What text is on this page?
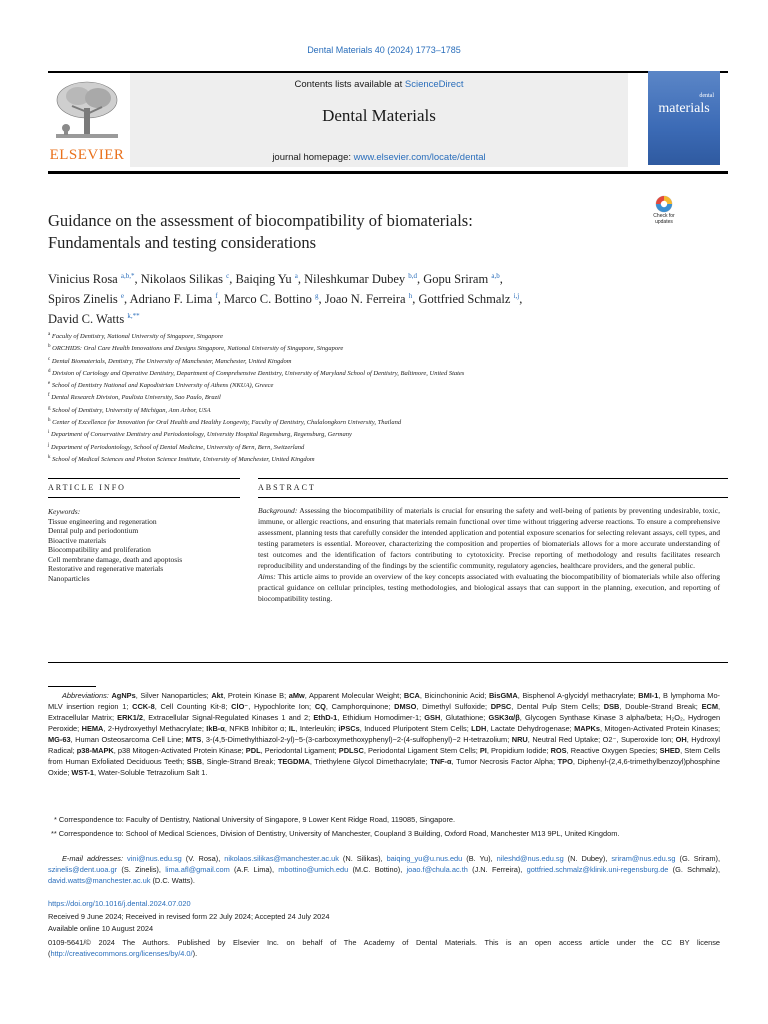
Dental Materials 40 (2024) 1773–1785
ELSEVIER
Contents lists available at ScienceDirect
Dental Materials
journal homepage: www.elsevier.com/locate/dental
dental
materials
Check for
updates
Guidance on the assessment of biocompatibility of biomaterials:
Fundamentals and testing considerations
Vinicius Rosa $^{a,b,*}$, Nikolaos Silikas $^c$, Baiqing Yu $^a$, Nileshkumar Dubey $^{b,d}$, Gopu Sriram $^{a,b}$,
Spiros Zinelis $^e$, Adriano F. Lima $^f$, Marco C. Bottino $^g$, Joao N. Ferreira $^h$, Gottfried Schmalz $^{i,j}$,
David C. Watts $^{k,**}$
$^a$ Faculty of Dentistry, National University of Singapore, Singapore
$^b$ ORCHIDS: Oral Care Health Innovations and Designs Singapore, National University of Singapore, Singapore
$^c$ Dental Biomaterials, Dentistry, The University of Manchester, Manchester, United Kingdom
$^d$ Division of Cariology and Operative Dentistry, Department of Comprehensive Dentistry, University of Maryland School of Dentistry, Baltimore, United States
$^e$ School of Dentistry National and Kapodistrian University of Athens (NKUA), Greece
$^f$ Dental Research Division, Paulista University, Sao Paulo, Brazil
$^g$ School of Dentistry, University of Michigan, Ann Arbor, USA
$^h$ Center of Excellence for Innovation for Oral Health and Healthy Longevity, Faculty of Dentistry, Chulalongkorn University, Thailand
$^i$ Department of Conservative Dentistry and Periodontology, University Hospital Regensburg, Regensburg, Germany
$^j$ Department of Periodontology, School of Dental Medicine, University of Bern, Bern, Switzerland
$^k$ School of Medical Sciences and Photon Science Institute, University of Manchester, United Kingdom
ARTICLE INFO	ABSTRACT
Keywords:
Tissue engineering and regeneration
Dental pulp and periodontium
Bioactive materials
Biocompatibility and proliferation
Cell membrane damage, death and apoptosis
Restorative and regenerative materials
Nanoparticles
Background: Assessing the biocompatibility of materials is crucial for ensuring the safety and well-being of patients by preventing undesirable, toxic, immune, or allergic reactions, and ensuring that materials remain functional over time without triggering adverse reactions. To ensure a comprehensive assessment, planning tests that carefully consider the intended application and potential exposure scenarios for selecting relevant assays, cell types, and testing parameters is essential. Moreover, characterizing the composition and properties of biomaterials allows for a more accurate understanding of test outcomes and the identification of factors contributing to cytotoxicity. Precise reporting of methodology and results facilitates research reproducibility and understanding of the findings by the scientific community, regulatory agencies, healthcare providers, and the general public.
Aims: This article aims to provide an overview of the key concepts associated with evaluating the biocompatibility of biomaterials while also offering practical guidance on cellular principles, testing methodologies, and biological assays that can support in the planning, execution, and reporting of biocompatibility testing.
Abbreviations: AgNPs, Silver Nanoparticles; Akt, Protein Kinase B; aMw, Apparent Molecular Weight; BCA, Bicinchoninic Acid; BisGMA, Bisphenol A-glycidyl methacrylate; BMI-1, B lymphoma Mo-MLV insertion region 1; CCK-8, Cell Counting Kit-8; ClO⁻, Hypochlorite Ion; CQ, Camphorquinone; DMSO, Dimethyl Sulfoxide; DPSC, Dental Pulp Stem Cells; DSB, Double-Strand Break; ECM, Extracellular Matrix; ERK1/2, Extracellular Signal-Regulated Kinases 1 and 2; EthD-1, Ethidium Homodimer-1; GSH, Glutathione; GSK3α/β, Glycogen Synthase Kinase 3 alpha/beta; H₂O₂, Hydrogen Peroxide; HEMA, 2-Hydroxyethyl Methacrylate; IkB-α, NFKB Inhibitor α; IL, Interleukin; iPSCs, Induced Pluripotent Stem Cells; LDH, Lactate Dehydrogenase; MAPKs, Mitogen-Activated Protein Kinases; MG-63, Human Osteosarcoma Cell Line; MTS, 3-(4,5-Dimethylthiazol-2-yl)−5-(3-carboxymethoxyphenyl)−2-(4-sulfophenyl)−2 H-tetrazolium; NRU, Neutral Red Uptake; O2⁻, Superoxide Ion; OH, Hydroxyl Radical; p38-MAPK, p38 Mitogen-Activated Protein Kinase; PDL, Periodontal Ligament; PDLSC, Periodontal Ligament Stem Cells; PI, Propidium Iodide; ROS, Reactive Oxygen Species; SHED, Stem Cells from Human Exfoliated Deciduous Teeth; SSB, Single-Strand Break; TEGDMA, Triethylene Glycol Dimethacrylate; TNF-α, Tumor Necrosis Factor Alpha; TPO, Diphenyl-(2,4,6-trimethylbenzoyl)phosphine Oxide; WST-1, Water-Soluble Tetrazolium Salt 1.
* Correspondence to: Faculty of Dentistry, National University of Singapore, 9 Lower Kent Ridge Road, 119085, Singapore.
** Correspondence to: School of Medical Sciences, Division of Dentistry, University of Manchester, Coupland 3 Building, Oxford Road, Manchester M13 9PL, United Kingdom.
E-mail addresses: vini@nus.edu.sg (V. Rosa), nikolaos.silikas@manchester.ac.uk (N. Silikas), baiqing_yu@u.nus.edu (B. Yu), nileshd@nus.edu.sg (N. Dubey), sriram@nus.edu.sg (G. Sriram), szinelis@dent.uoa.gr (S. Zinelis), lima.afl@gmail.com (A.F. Lima), mbottino@umich.edu (M.C. Bottino), joao.f@chula.ac.th (J.N. Ferreira), gottfried.schmalz@klinik.uni-regensburg.de (G. Schmalz), david.watts@manchester.ac.uk (D.C. Watts).
https://doi.org/10.1016/j.dental.2024.07.020
Received 9 June 2024; Received in revised form 22 July 2024; Accepted 24 July 2024
Available online 10 August 2024
0109-5641/© 2024 The Authors. Published by Elsevier Inc. on behalf of The Academy of Dental Materials. This is an open access article under the CC BY license (http://creativecommons.org/licenses/by/4.0/).
